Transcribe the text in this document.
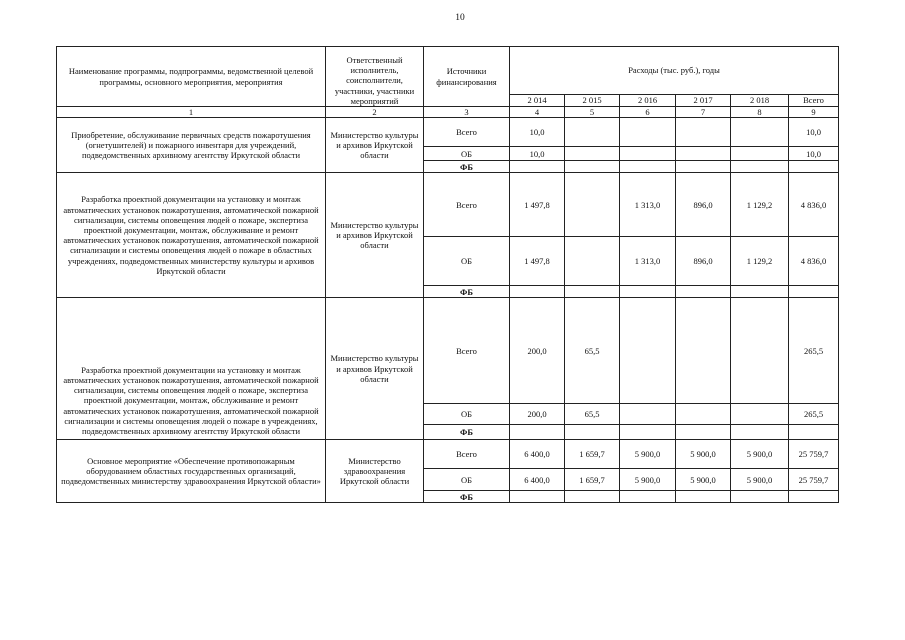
10
Наименование программы, подпрограммы, ведомственной целевой программы, основного мероприятия, мероприятия	Ответственный исполнитель, соисполнители, участники, участники мероприятий	Источники финансирования	Расходы (тыс. руб.), годы					
			2 014	2 015	2 016	2 017	2 018	Всего
1	2	3	4	5	6	7	8	9
Приобретение, обслуживание первичных средств пожаротушения (огнетушителей) и пожарного инвентаря для учреждений, подведомственных архивному агентству Иркутской области	Министерство культуры и архивов Иркутской области	Всего	10,0					10,0
		ОБ	10,0					10,0
		ФБ						
Разработка проектной документации на установку и монтаж автоматических установок пожаротушения, автоматической пожарной сигнализации, системы оповещения людей о пожаре, экспертиза проектной документации, монтаж, обслуживание и ремонт автоматических установок пожаротушения, автоматической пожарной сигнализации и системы оповещения людей о пожаре в областных учреждениях, подведомственных министерству культуры и архивов Иркутской области	Министерство культуры и архивов Иркутской области	Всего	1 497,8		1 313,0	896,0	1 129,2	4 836,0
		ОБ	1 497,8		1 313,0	896,0	1 129,2	4 836,0
		ФБ						
Разработка проектной документации на установку и монтаж автоматических установок пожаротушения, автоматической пожарной сигнализации, системы оповещения людей о пожаре, экспертиза проектной документации, монтаж, обслуживание и ремонт автоматических установок пожаротушения, автоматической пожарной сигнализации и системы оповещения людей о пожаре в учреждениях, подведомственных архивному агентству Иркутской области	Министерство культуры и архивов Иркутской области	Всего	200,0	65,5				265,5
		ОБ	200,0	65,5				265,5
		ФБ						
Основное мероприятие «Обеспечение противопожарным оборудованием областных государственных организаций, подведомственных министерству здравоохранения Иркутской области»	Министерство здравоохранения Иркутской области	Всего	6 400,0	1 659,7	5 900,0	5 900,0	5 900,0	25 759,7
		ОБ	6 400,0	1 659,7	5 900,0	5 900,0	5 900,0	25 759,7
		ФБ						
